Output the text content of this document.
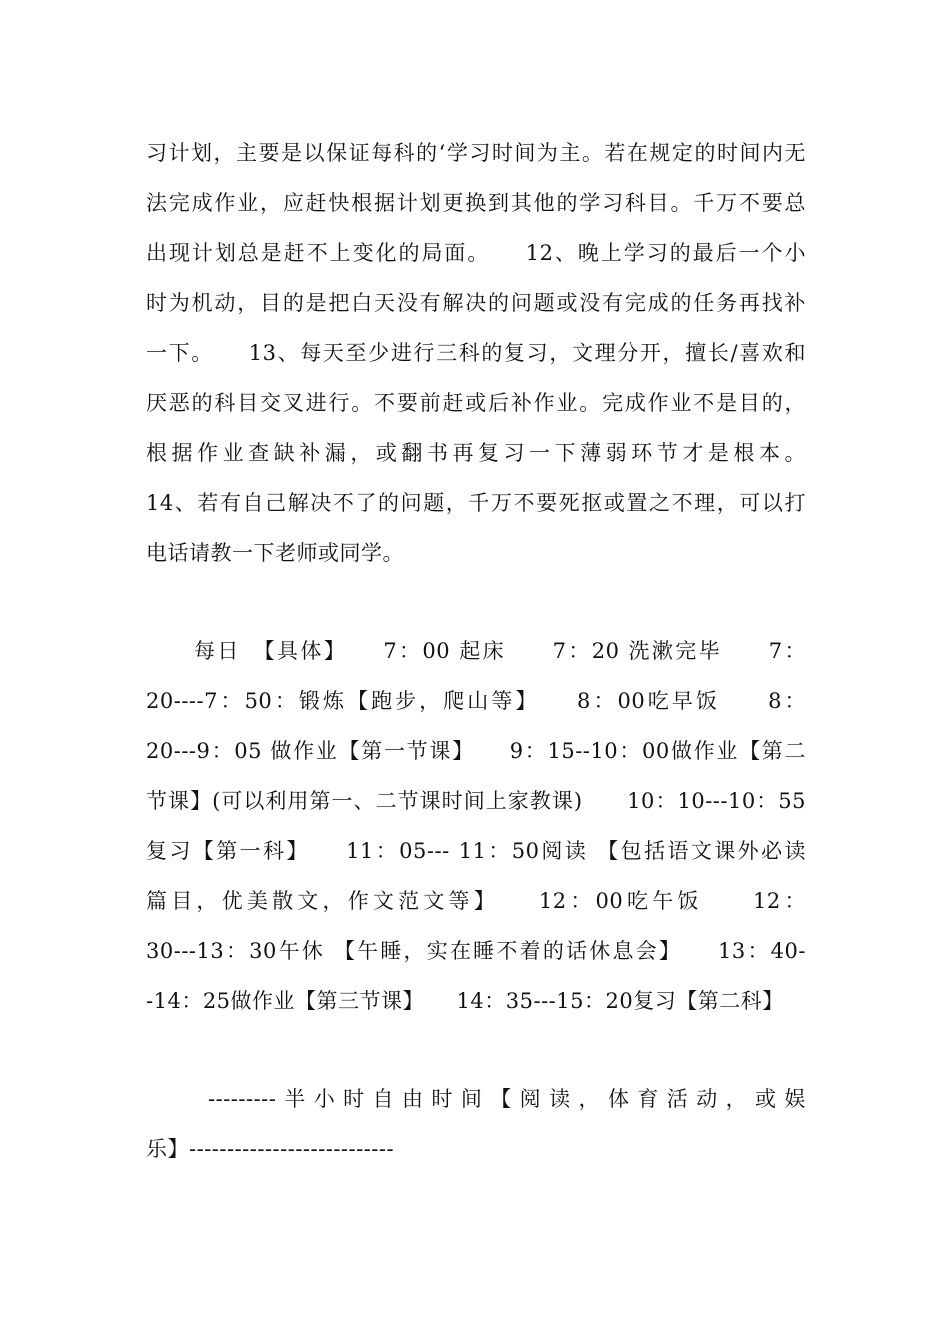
习计划，主要是以保证每科的‘学习时间为主。若在规定的时间内无
法完成作业，应赶快根据计划更换到其他的学习科目。千万不要总
出现计划总是赶不上变化的局面。　　12、晚上学习的最后一个小
时为机动，目的是把白天没有解决的问题或没有完成的任务再找补
一下。　　13、每天至少进行三科的复习，文理分开，擅长/喜欢和
厌恶的科目交叉进行。不要前赶或后补作业。完成作业不是目的，
根据作业查缺补漏，或翻书再复习一下薄弱环节才是根本。
14、若有自己解决不了的问题，千万不要死抠或置之不理，可以打
电话请教一下老师或同学。
每日　【具体】　　7：00 起床　　7：20 洗漱完毕　　7：
20----7：50：锻炼【跑步，爬山等】　　8：00吃早饭　　8：
20---9：05 做作业【第一节课】　　9：15--10：00做作业【第二
节课】(可以利用第一、二节课时间上家教课)　　10：10---10：55
复习【第一科】　　11：05--- 11：50阅读 【包括语文课外必读
篇目，优美散文，作文范文等】　　12：00吃午饭　　12：
30---13：30午休 【午睡，实在睡不着的话休息会】　　13：40-
-14：25做作业【第三节课】　　14：35---15：20复习【第二科】
---------半小时自由时间【阅读，体育活动，或娱
乐】---------------------------
